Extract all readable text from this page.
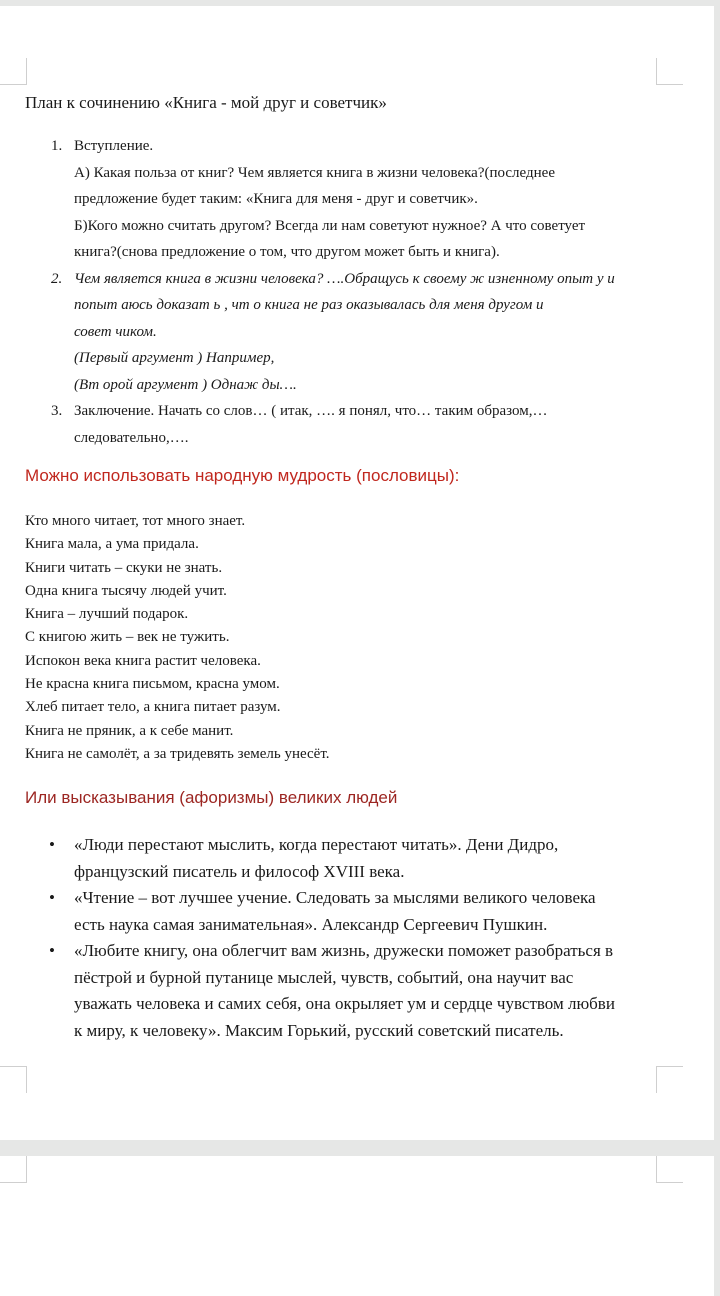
План к сочинению «Книга - мой друг и советчик»
1. Вступление.
А) Какая польза от книг? Чем является книга в жизни человека?(последнее
предложение будет таким: «Книга для меня - друг и советчик».
Б)Кого можно считать другом? Всегда ли нам советуют нужное? А что советует
книга?(снова предложение о том, что другом может быть и книга).
2. Чем является книга в жизни человека? ….Обращусь к своему ж изненному опыт у и
попыт аюсь доказат ь , чт о книга не раз оказывалась для меня другом и
совет чиком.
(Первый аргумент ) Например,
(Вт орой аргумент ) Однаж ды….
3. Заключение. Начать со слов… ( итак, …. я понял, что… таким образом,…
следовательно,….
Можно использовать народную мудрость (пословицы):
Кто много читает, тот много знает.
Книга мала, а ума придала.
Книги читать – скуки не знать.
Одна книга тысячу людей учит.
Книга – лучший подарок.
С книгою жить – век не тужить.
Испокон века книга растит человека.
Не красна книга письмом, красна умом.
Хлеб питает тело, а книга питает разум.
Книга не пряник, а к себе манит.
Книга не самолёт, а за тридевять земель унесёт.
Или высказывания (афоризмы) великих людей
• «Люди перестают мыслить, когда перестают читать». Дени Дидро,
французский писатель и философ XVIII века.
• «Чтение – вот лучшее учение. Следовать за мыслями великого человека
есть наука самая занимательная». Александр Сергеевич Пушкин.
• «Любите книгу, она облегчит вам жизнь, дружески поможет разобраться в
пёстрой и бурной путанице мыслей, чувств, событий, она научит вас
уважать человека и самих себя, она окрыляет ум и сердце чувством любви
к миру, к человеку». Максим Горький, русский советский писатель.
